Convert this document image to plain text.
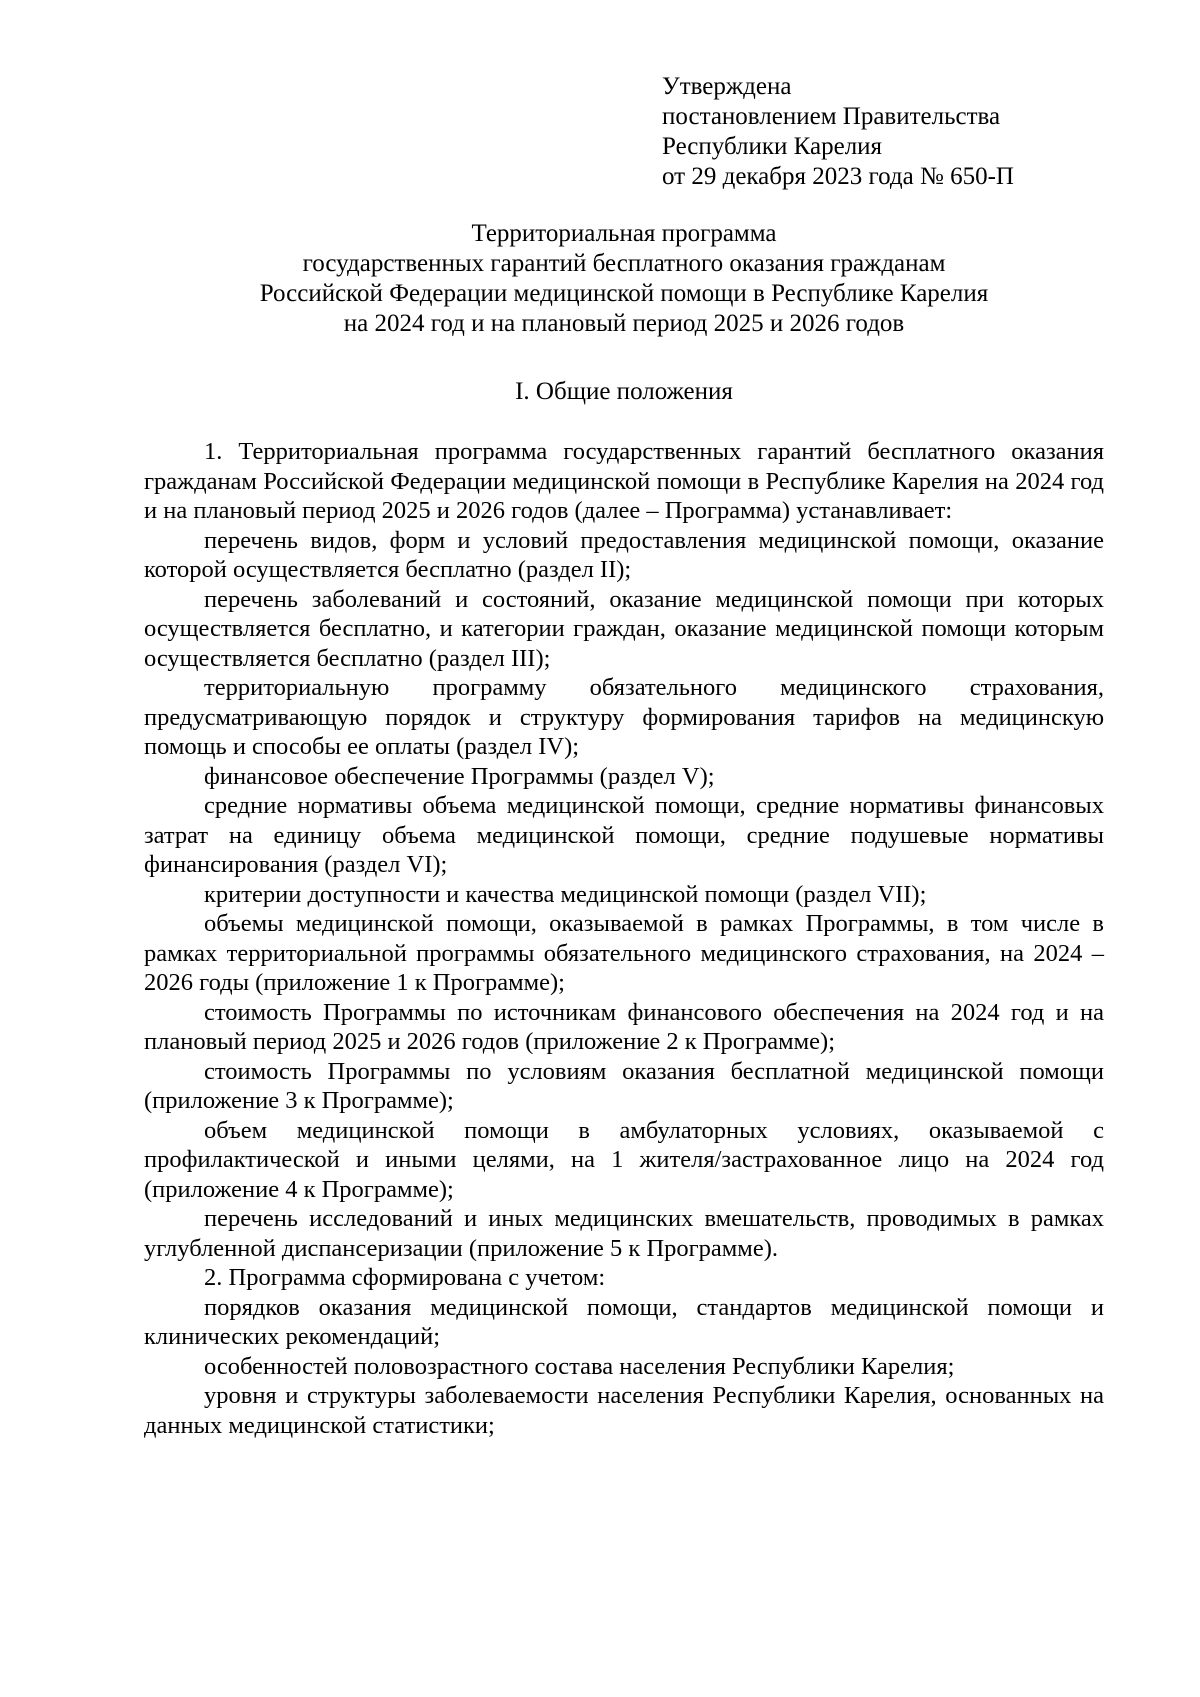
Утверждена
постановлением Правительства
Республики Карелия
от 29 декабря 2023 года № 650-П
Территориальная программа
государственных гарантий бесплатного оказания гражданам
Российской Федерации медицинской помощи в Республике Карелия
на 2024 год и на плановый период 2025 и 2026 годов
I. Общие положения

1. Территориальная программа государственных гарантий бесплатного оказания гражданам Российской Федерации медицинской помощи в Республике Карелия на 2024 год и на плановый период 2025 и 2026 годов (далее – Программа) устанавливает:

перечень видов, форм и условий предоставления медицинской помощи, оказание которой осуществляется бесплатно (раздел II);

перечень заболеваний и состояний, оказание медицинской помощи при которых осуществляется бесплатно, и категории граждан, оказание медицинской помощи которым осуществляется бесплатно (раздел III);

территориальную программу обязательного медицинского страхования, предусматривающую порядок и структуру формирования тарифов на медицинскую помощь и способы ее оплаты (раздел IV);

финансовое обеспечение Программы (раздел V);

средние нормативы объема медицинской помощи, средние нормативы финансовых затрат на единицу объема медицинской помощи, средние подушевые нормативы финансирования (раздел VI);

критерии доступности и качества медицинской помощи (раздел VII);

объемы медицинской помощи, оказываемой в рамках Программы, в том числе в рамках территориальной программы обязательного медицинского страхования, на 2024 – 2026 годы (приложение 1 к Программе);

стоимость Программы по источникам финансового обеспечения на 2024 год и на плановый период 2025 и 2026 годов (приложение 2 к Программе);

стоимость Программы по условиям оказания бесплатной медицинской помощи (приложение 3 к Программе);

объем медицинской помощи в амбулаторных условиях, оказываемой с профилактической и иными целями, на 1 жителя/застрахованное лицо на 2024 год (приложение 4 к Программе);

перечень исследований и иных медицинских вмешательств, проводимых в рамках углубленной диспансеризации (приложение 5 к Программе).

2. Программа сформирована с учетом:

порядков оказания медицинской помощи, стандартов медицинской помощи и клинических рекомендаций;

особенностей половозрастного состава населения Республики Карелия;

уровня и структуры заболеваемости населения Республики Карелия, основанных на данных медицинской статистики;
